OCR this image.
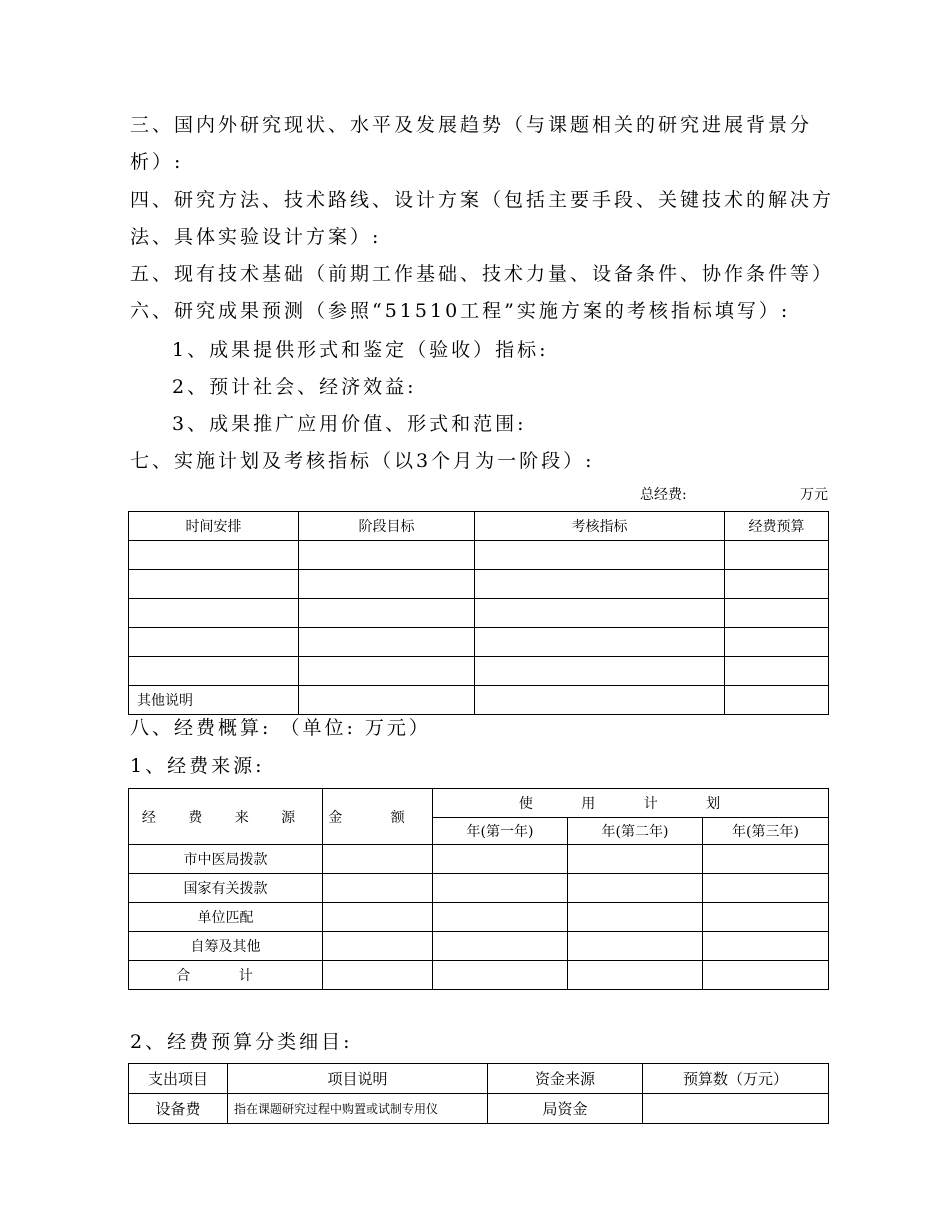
三、国内外研究现状、水平及发展趋势（与课题相关的研究进展背景分
析）:
四、研究方法、技术路线、设计方案（包括主要手段、关键技术的解决方
法、具体实验设计方案）:
五、现有技术基础（前期工作基础、技术力量、设备条件、协作条件等）
六、研究成果预测（参照“51510工程”实施方案的考核指标填写）:
1、成果提供形式和鉴定（验收）指标:
2、预计社会、经济效益:
3、成果推广应用价值、形式和范围:
七、实施计划及考核指标（以3个月为一阶段）:
总经费:	万元
时间安排	阶段目标	考核指标	经费预算

其他说明			
八、经费概算: （单位: 万元）
1、经费来源:
经 费 来 源	金 额	使 用 计 划		
		年(第一年)	年(第二年)	年(第三年)
市中医局拨款				
国家有关拨款				
单位匹配				
自筹及其他				
合 计				
2、经费预算分类细目:
支出项目	项目说明	资金来源	预算数（万元）
设备费	指在课题研究过程中购置或试制专用仪	局资金	
